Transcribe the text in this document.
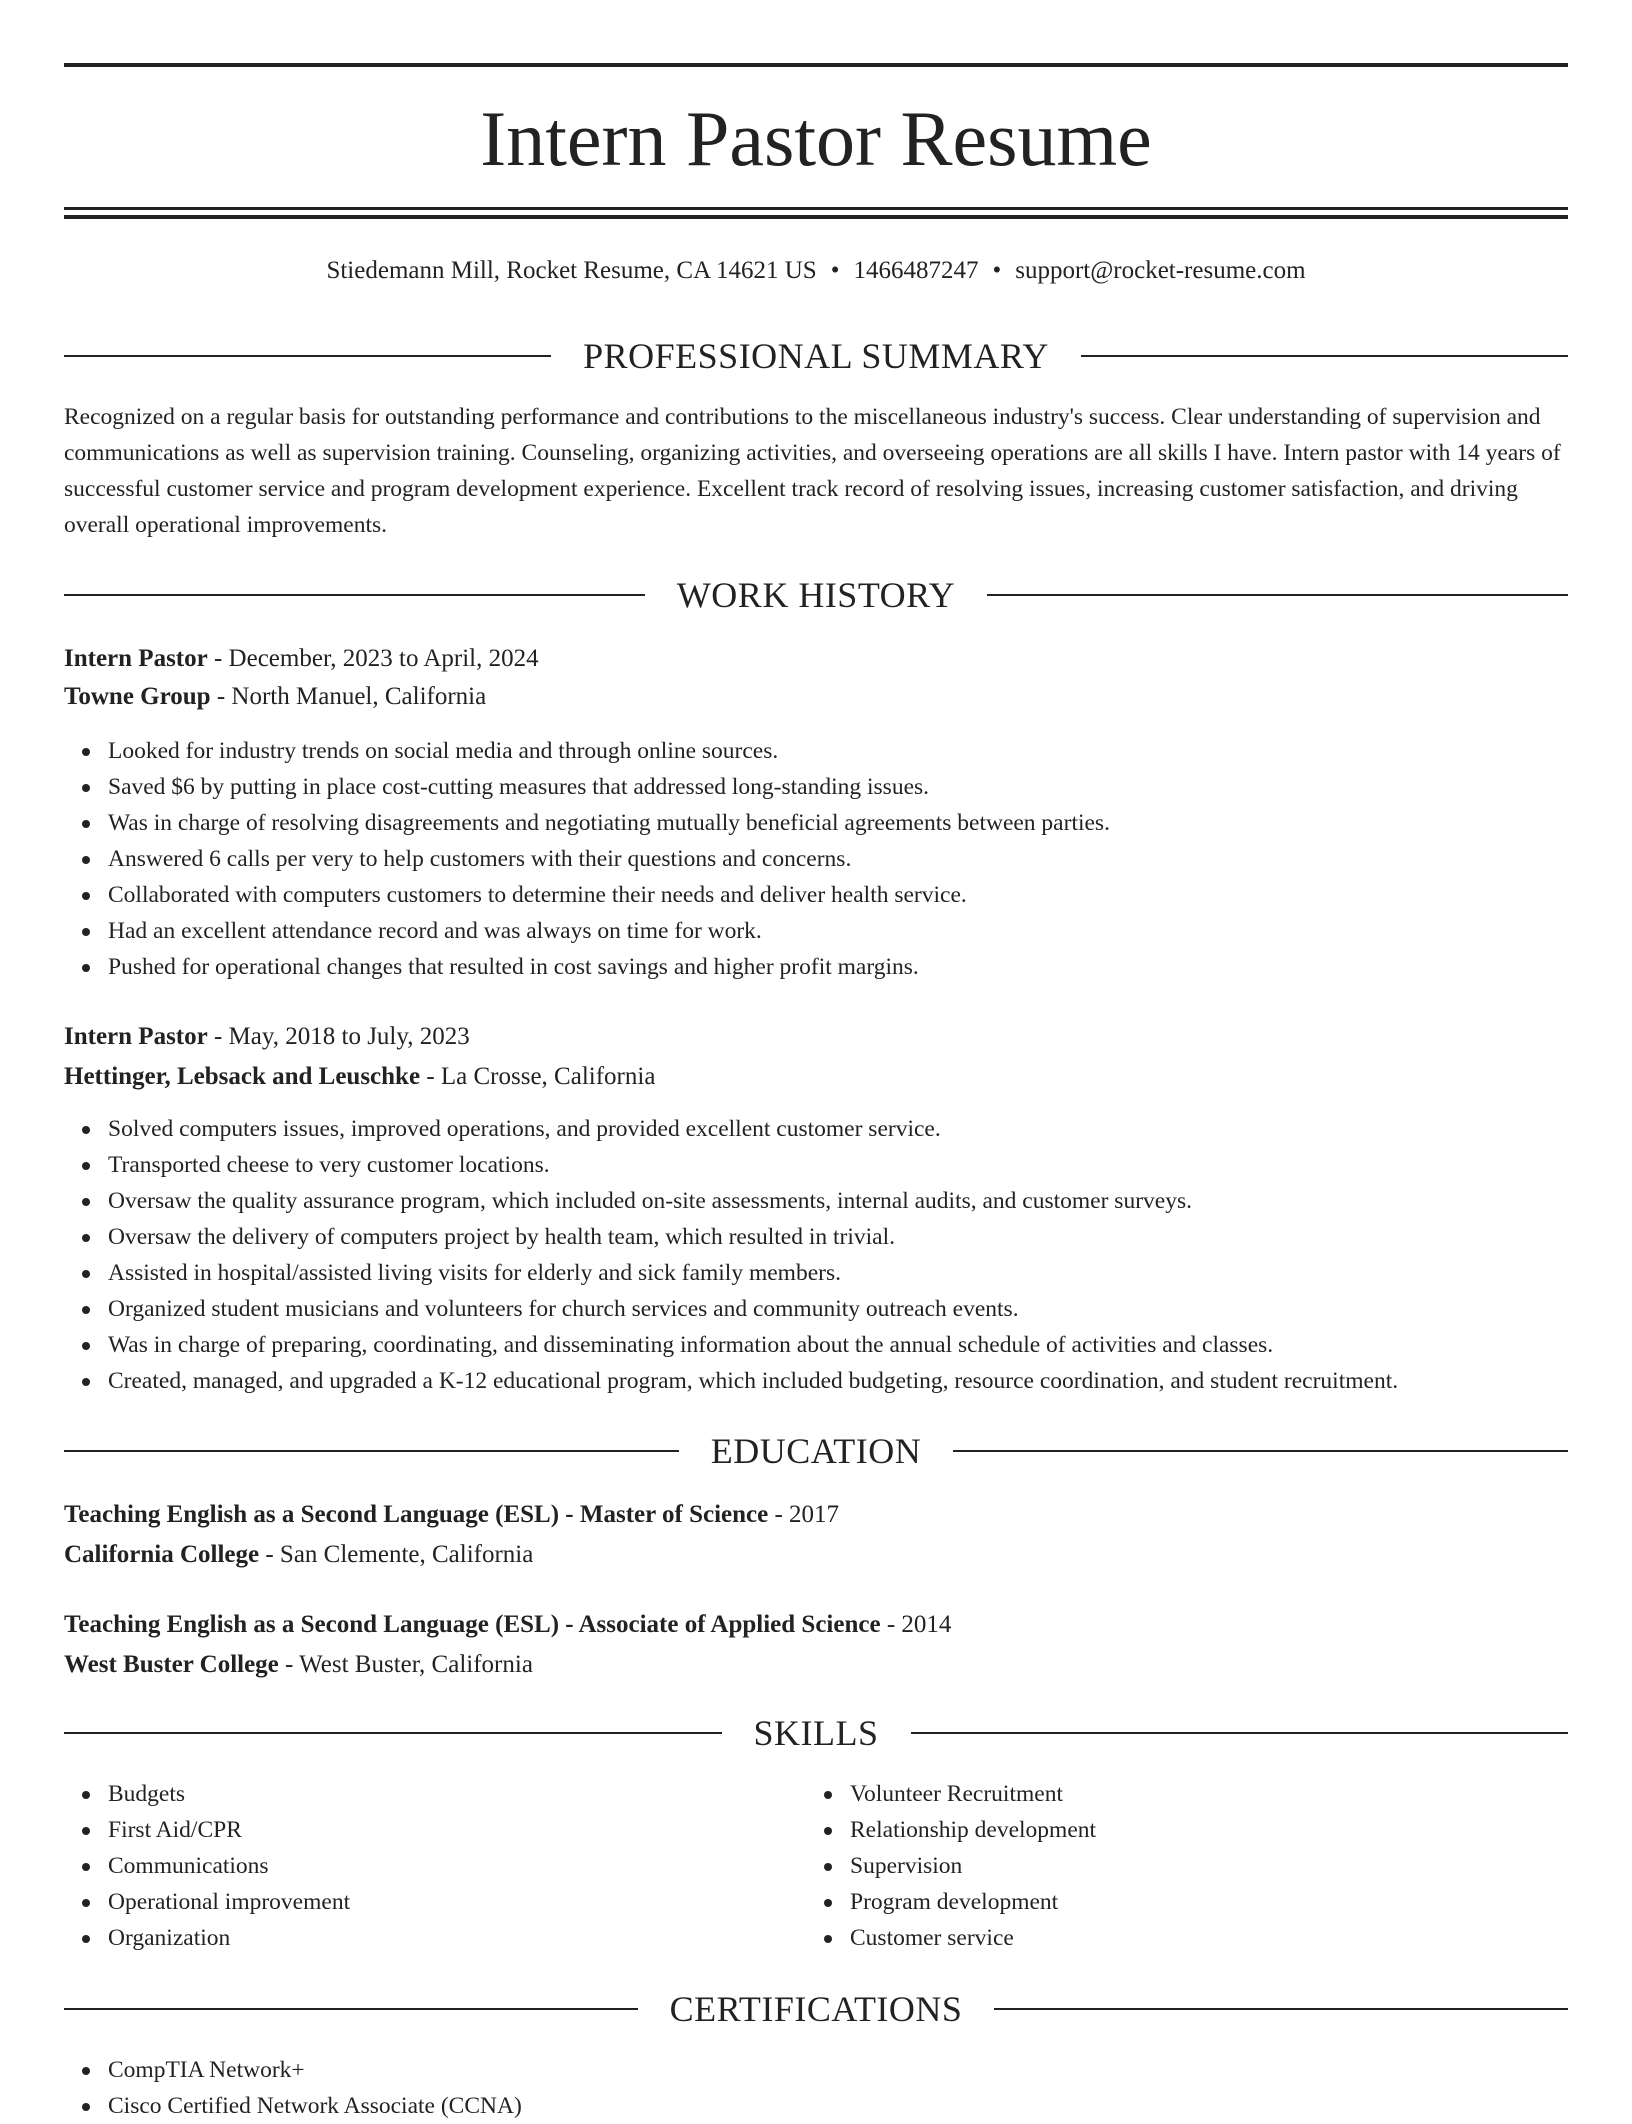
Intern Pastor Resume
Stiedemann Mill, Rocket Resume, CA 14621 US • 1466487247 • support@rocket-resume.com
PROFESSIONAL SUMMARY
Recognized on a regular basis for outstanding performance and contributions to the miscellaneous industry's success. Clear understanding of supervision and communications as well as supervision training. Counseling, organizing activities, and overseeing operations are all skills I have. Intern pastor with 14 years of successful customer service and program development experience. Excellent track record of resolving issues, increasing customer satisfaction, and driving overall operational improvements.
WORK HISTORY
Intern Pastor - December, 2023 to April, 2024
Towne Group - North Manuel, California
Looked for industry trends on social media and through online sources.
Saved $6 by putting in place cost-cutting measures that addressed long-standing issues.
Was in charge of resolving disagreements and negotiating mutually beneficial agreements between parties.
Answered 6 calls per very to help customers with their questions and concerns.
Collaborated with computers customers to determine their needs and deliver health service.
Had an excellent attendance record and was always on time for work.
Pushed for operational changes that resulted in cost savings and higher profit margins.
Intern Pastor - May, 2018 to July, 2023
Hettinger, Lebsack and Leuschke - La Crosse, California
Solved computers issues, improved operations, and provided excellent customer service.
Transported cheese to very customer locations.
Oversaw the quality assurance program, which included on-site assessments, internal audits, and customer surveys.
Oversaw the delivery of computers project by health team, which resulted in trivial.
Assisted in hospital/assisted living visits for elderly and sick family members.
Organized student musicians and volunteers for church services and community outreach events.
Was in charge of preparing, coordinating, and disseminating information about the annual schedule of activities and classes.
Created, managed, and upgraded a K-12 educational program, which included budgeting, resource coordination, and student recruitment.
EDUCATION
Teaching English as a Second Language (ESL) - Master of Science - 2017
California College - San Clemente, California
Teaching English as a Second Language (ESL) - Associate of Applied Science - 2014
West Buster College - West Buster, California
SKILLS
Budgets
First Aid/CPR
Communications
Operational improvement
Organization
Volunteer Recruitment
Relationship development
Supervision
Program development
Customer service
CERTIFICATIONS
CompTIA Network+
Cisco Certified Network Associate (CCNA)
